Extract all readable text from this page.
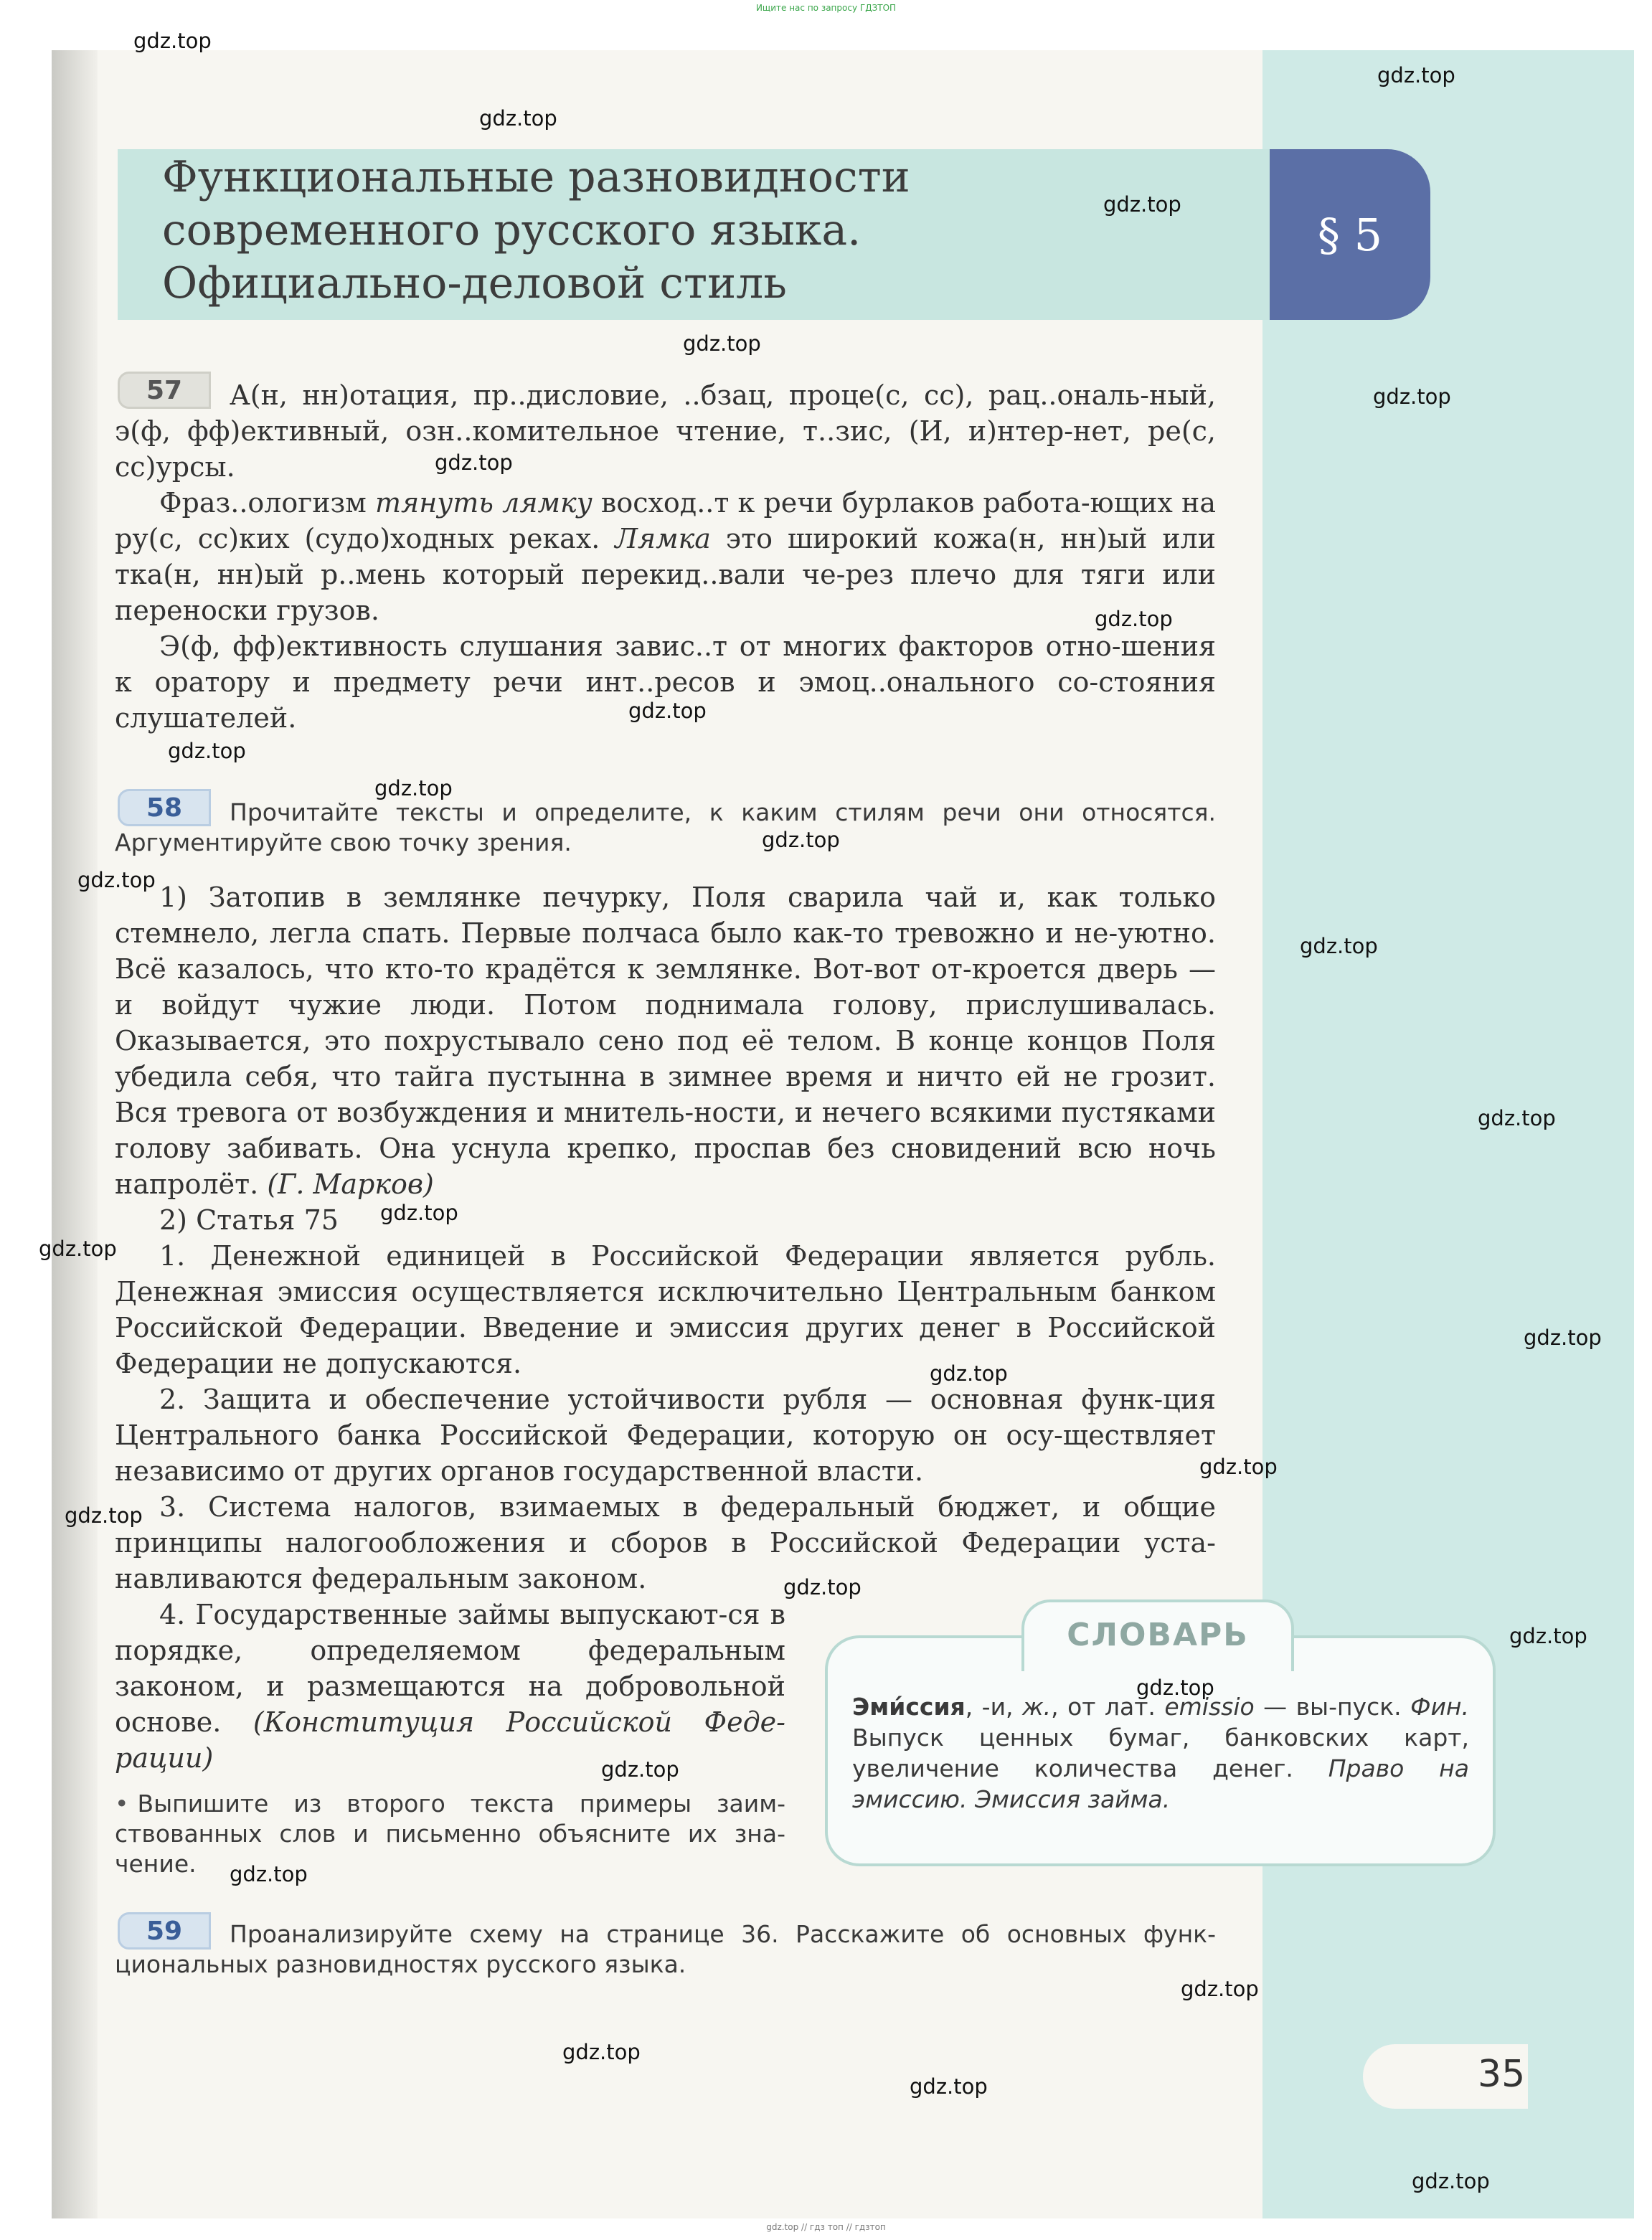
Ищите нас по запросу ГДЗТОП
§ 5
Функциональные разновидности
современного русского языка.
Официально-деловой стиль
57	А(н, нн)отация, пр..дисловие, ..бзац, проце(с, сс), рац..ональ-ный, э(ф, фф)ективный, озн..комительное чтение, т..зис, (И, и)нтер-нет, ре(с, сс)урсы.

Фраз..ологизм тянуть лямку восход..т к речи бурлаков работа-ющих на ру(с, сс)ких (судо)ходных реках. Лямка это широкий кожа(н, нн)ый или тка(н, нн)ый р..мень который перекид..вали че-рез плечо для тяги или переноски грузов.

Э(ф, фф)ективность слушания завис..т от многих факторов отно-шения к оратору и предмету речи инт..ресов и эмоц..онального со-стояния слушателей.

58	Прочитайте тексты и определите, к каким стилям речи они относятся. Аргументируйте свою точку зрения.

1) Затопив в землянке печурку, Поля сварила чай и, как только стемнело, легла спать. Первые полчаса было как-то тревожно и не-уютно. Всё казалось, что кто-то крадётся к землянке. Вот-вот от-кроется дверь — и войдут чужие люди. Потом поднимала голову, прислушивалась. Оказывается, это похрустывало сено под её телом. В конце концов Поля убедила себя, что тайга пустынна в зимнее время и ничто ей не грозит. Вся тревога от возбуждения и мнитель-ности, и нечего всякими пустяками голову забивать. Она уснула крепко, проспав без сновидений всю ночь напролёт. (Г. Марков)

2) Статья 75

1. Денежной единицей в Российской Федерации является рубль. Денежная эмиссия осуществляется исключительно Центральным банком Российской Федерации. Введение и эмиссия других денег в Российской Федерации не допускаются.

2. Защита и обеспечение устойчивости рубля — основная функ-ция Центрального банка Российской Федерации, которую он осу-ществляет независимо от других органов государственной власти.

3. Система налогов, взимаемых в федеральный бюджет, и общие принципы налогообложения и сборов в Российской Федерации уста-навливаются федеральным законом.

4. Государственные займы выпускают-ся в порядке, определяемом федеральным законом, и размещаются на добровольной основе. (Конституция Российской Феде-рации)

• Выпишите из второго текста примеры заим-ствованных слов и письменно объясните их зна-чение.

СЛОВАРЬ

Эми́ссия, -и, ж., от лат. emissio — вы-пуск. Фин. Выпуск ценных бумаг, банковских карт, увеличение количества денег. Право на эмиссию. Эмиссия займа.

59	Проанализируйте схему на странице 36. Расскажите об основных функ-циональных разновидностях русского языка.

35
gdz.top
gdz.top
gdz.top
gdz.top
gdz.top
gdz.top
gdz.top
gdz.top
gdz.top
gdz.top
gdz.top
gdz.top
gdz.top
gdz.top
gdz.top
gdz.top
gdz.top
gdz.top
gdz.top
gdz.top
gdz.top
gdz.top
gdz.top
gdz.top
gdz.top
gdz.top
gdz.top
gdz.top
gdz.top
gdz.top
gdz.top // гдз топ // гдзтоп
